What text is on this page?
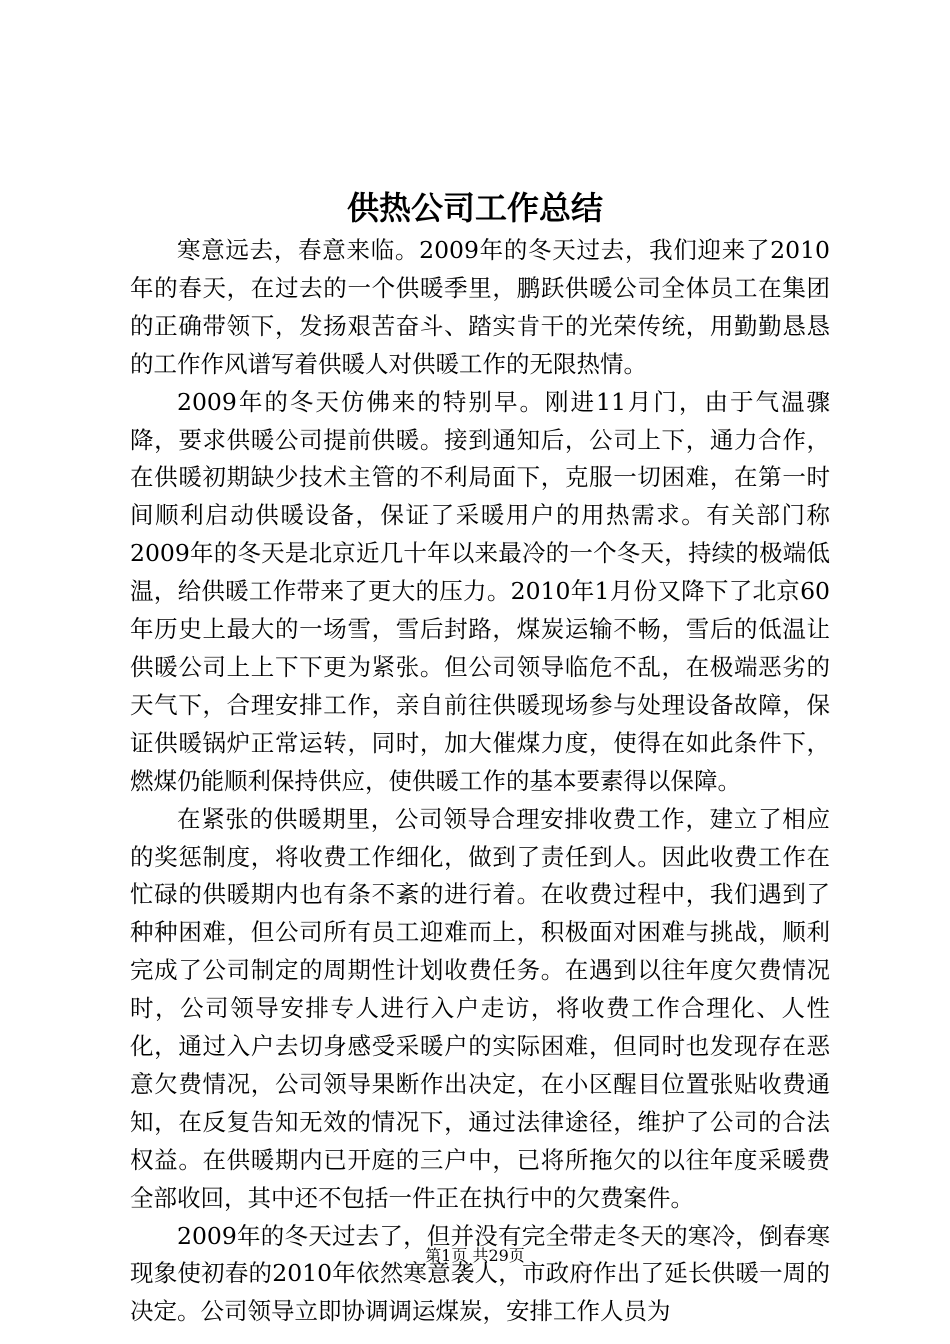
供热公司工作总结

寒意远去，春意来临。2009年的冬天过去，我们迎来了2010年的春天，在过去的一个供暖季里，鹏跃供暖公司全体员工在集团的正确带领下，发扬艰苦奋斗、踏实肯干的光荣传统，用勤勤恳恳的工作作风谱写着供暖人对供暖工作的无限热情。

2009年的冬天仿佛来的特别早。刚进11月门，由于气温骤降，要求供暖公司提前供暖。接到通知后，公司上下，通力合作，在供暖初期缺少技术主管的不利局面下，克服一切困难，在第一时间顺利启动供暖设备，保证了采暖用户的用热需求。有关部门称2009年的冬天是北京近几十年以来最冷的一个冬天，持续的极端低温，给供暖工作带来了更大的压力。2010年1月份又降下了北京60年历史上最大的一场雪，雪后封路，煤炭运输不畅，雪后的低温让供暖公司上上下下更为紧张。但公司领导临危不乱，在极端恶劣的天气下，合理安排工作，亲自前往供暖现场参与处理设备故障，保证供暖锅炉正常运转，同时，加大催煤力度，使得在如此条件下，燃煤仍能顺利保持供应，使供暖工作的基本要素得以保障。

在紧张的供暖期里，公司领导合理安排收费工作，建立了相应的奖惩制度，将收费工作细化，做到了责任到人。因此收费工作在忙碌的供暖期内也有条不紊的进行着。在收费过程中，我们遇到了种种困难，但公司所有员工迎难而上，积极面对困难与挑战，顺利完成了公司制定的周期性计划收费任务。在遇到以往年度欠费情况时，公司领导安排专人进行入户走访，将收费工作合理化、人性化，通过入户去切身感受采暖户的实际困难，但同时也发现存在恶意欠费情况，公司领导果断作出决定，在小区醒目位置张贴收费通知，在反复告知无效的情况下，通过法律途径，维护了公司的合法权益。在供暖期内已开庭的三户中，已将所拖欠的以往年度采暖费全部收回，其中还不包括一件正在执行中的欠费案件。

2009年的冬天过去了，但并没有完全带走冬天的寒冷，倒春寒现象使初春的2010年依然寒意袭人，市政府作出了延长供暖一周的决定。公司领导立即协调调运煤炭，安排工作人员为

第1页 共29页
